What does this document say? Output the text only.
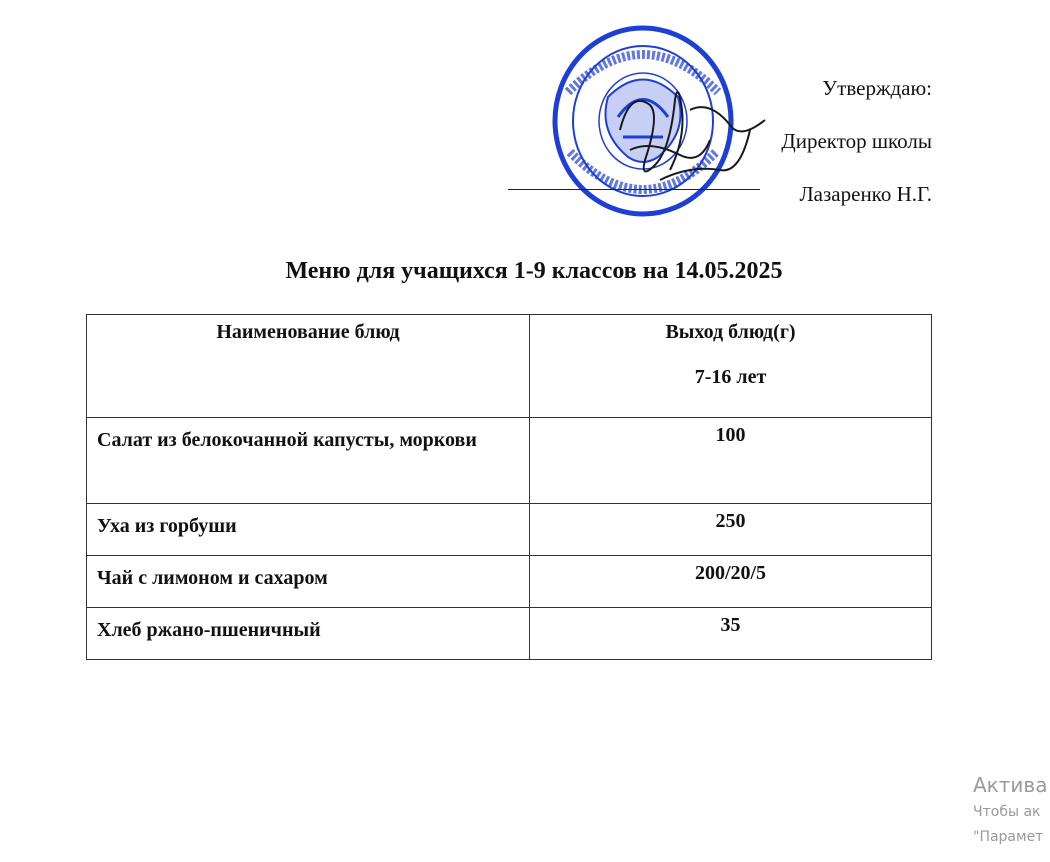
Утверждаю:
Директор школы
Лазаренко Н.Г.
Меню для учащихся 1-9 классов на 14.05.2025
Наименование блюд	Выход блюд(г)
7-16 лет

Салат из белокочанной капусты, моркови	100
Уха из горбуши	250
Чай с лимоном и сахаром	200/20/5
Хлеб ржано-пшеничный	35
Актива
Чтобы ак
"Парамет
